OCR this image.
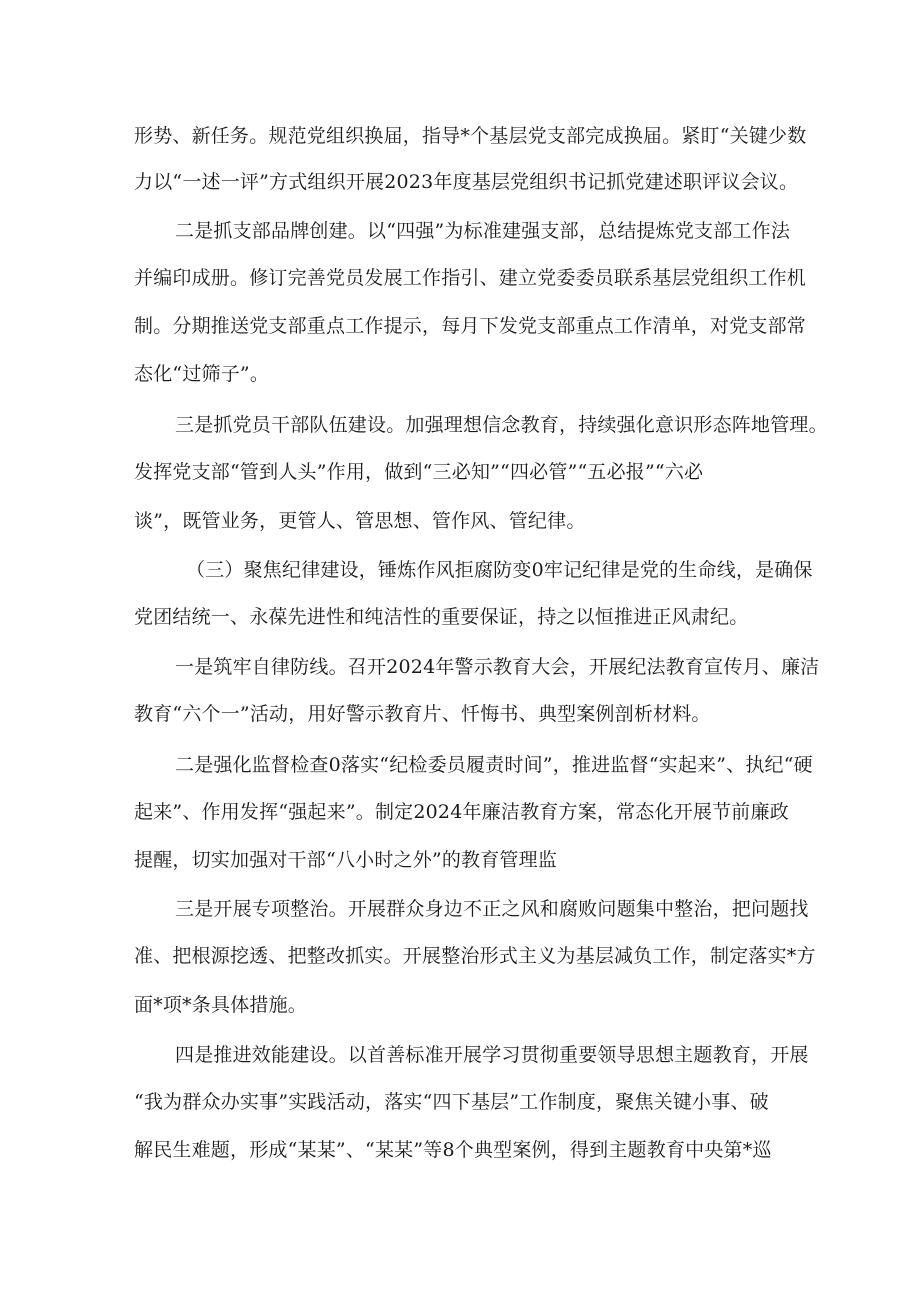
形势、新任务。规范党组织换届，指导*个基层党支部完成换届。紧盯“关键少数
力以“一述一评”方式组织开展2023年度基层党组织书记抓党建述职评议会议。
二是抓支部品牌创建。以“四强”为标准建强支部，总结提炼党支部工作法
并编印成册。修订完善党员发展工作指引、建立党委委员联系基层党组织工作机
制。分期推送党支部重点工作提示，每月下发党支部重点工作清单，对党支部常
态化“过筛子”。
三是抓党员干部队伍建设。加强理想信念教育，持续强化意识形态阵地管理。
发挥党支部“管到人头”作用，做到“三必知”“四必管”“五必报”“六必
谈”，既管业务，更管人、管思想、管作风、管纪律。
（三）聚焦纪律建设，锤炼作风拒腐防变0牢记纪律是党的生命线，是确保
党团结统一、永葆先进性和纯洁性的重要保证，持之以恒推进正风肃纪。
一是筑牢自律防线。召开2024年警示教育大会，开展纪法教育宣传月、廉洁
教育“六个一”活动，用好警示教育片、忏悔书、典型案例剖析材料。
二是强化监督检查0落实“纪检委员履责时间”，推进监督“实起来”、执纪“硬
起来”、作用发挥“强起来”。制定2024年廉洁教育方案，常态化开展节前廉政
提醒，切实加强对干部“八小时之外”的教育管理监
三是开展专项整治。开展群众身边不正之风和腐败问题集中整治，把问题找
准、把根源挖透、把整改抓实。开展整治形式主义为基层减负工作，制定落实*方
面*项*条具体措施。
四是推进效能建设。以首善标准开展学习贯彻重要领导思想主题教育，开展
“我为群众办实事”实践活动，落实“四下基层”工作制度，聚焦关键小事、破
解民生难题，形成“某某”、“某某”等8个典型案例，得到主题教育中央第*巡
